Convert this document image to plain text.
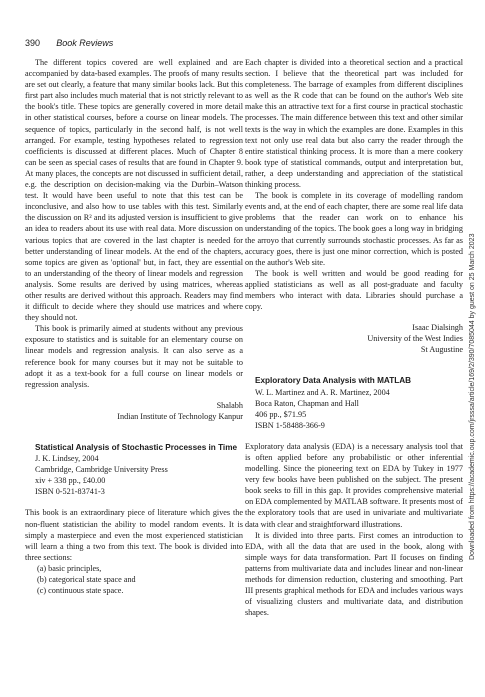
390 Book Reviews

The different topics covered are well explained and are accompanied by data-based examples. The proofs of many results are set out clearly, a feature that many similar books lack. But this first part also includes much material that is not strictly relevant to the book's title. These topics are generally covered in more detail in other statistical courses, before a course on linear models. The sequence of topics, particularly in the second half, is not well arranged. For example, testing hypotheses related to regression coefficients is discussed at different places. Much of Chapter 8 can be seen as special cases of results that are found in Chapter 9. At many places, the concepts are not discussed in sufficient detail, e.g. the description on decision-making via the Durbin–Watson test. It would have been useful to note that this test can be inconclusive, and also how to use tables with this test. Similarly the discussion on R² and its adjusted version is insufficient to give an idea to readers about its use with real data. More discussion on various topics that are covered in the last chapter is needed for better understanding of linear models. At the end of the chapters, some topics are given as 'optional' but, in fact, they are essential to an understanding of the theory of linear models and regression analysis. Some results are derived by using matrices, whereas other results are derived without this approach. Readers may find it difficult to decide where they should use matrices and where they should not.

This book is primarily aimed at students without any previous exposure to statistics and is suitable for an elementary course on linear models and regression analysis. It can also serve as a reference book for many courses but it may not be suitable to adopt it as a text-book for a full course on linear models or regression analysis.

Shalabh

Indian Institute of Technology Kanpur

Statistical Analysis of Stochastic Processes in Time

J. K. Lindsey, 2004

Cambridge, Cambridge University Press

xiv + 338 pp., £40.00

ISBN 0-521-83741-3

This book is an extraordinary piece of literature which gives the non-fluent statistician the ability to model random events. It is simply a masterpiece and even the most experienced statistician will learn a thing a two from this text. The book is divided into three sections:

(a) basic principles,
(b) categorical state space and
(c) continuous state space.

Each chapter is divided into a theoretical section and a practical section. I believe that the theoretical part was included for completeness. The barrage of examples from different disciplines as well as the R code that can be found on the author's Web site make this an attractive text for a first course in practical stochastic processes. The main difference between this text and other similar texts is the way in which the examples are done. Examples in this text not only use real data but also carry the reader through the entire statistical thinking process. It is more than a mere cookery book type of statistical commands, output and interpretation but, rather, a deep understanding and appreciation of the statistical thinking process.

The book is complete in its coverage of modelling random events and, at the end of each chapter, there are some real life data problems that the reader can work on to enhance his understanding of the topics. The book goes a long way in bridging the arroyo that currently surrounds stochastic processes. As far as accuracy goes, there is just one minor correction, which is posted on the author's Web site.

The book is well written and would be good reading for applied statisticians as well as all post-graduate and faculty members who interact with data. Libraries should purchase a copy.

Isaac Dialsingh

University of the West Indies

St Augustine

Exploratory Data Analysis with MATLAB

W. L. Martinez and A. R. Martinez, 2004

Boca Raton, Chapman and Hall

406 pp., $71.95

ISBN 1-58488-366-9

Exploratory data analysis (EDA) is a necessary analysis tool that is often applied before any probabilistic or other inferential modelling. Since the pioneering text on EDA by Tukey in 1977 very few books have been published on the subject. The present book seeks to fill in this gap. It provides comprehensive material on EDA complemented by MATLAB software. It presents most of the exploratory tools that are used in univariate and multivariate data with clear and straightforward illustrations.

It is divided into three parts. First comes an introduction to EDA, with all the data that are used in the book, along with simple ways for data transformation. Part II focuses on finding patterns from multivariate data and includes linear and non-linear methods for dimension reduction, clustering and smoothing. Part III presents graphical methods for EDA and includes various ways of visualizing clusters and multivariate data, and distribution shapes.

Downloaded from https://academic.oup.com/jrsssa/article/169/2/390/7085044 by guest on 25 March 2023
